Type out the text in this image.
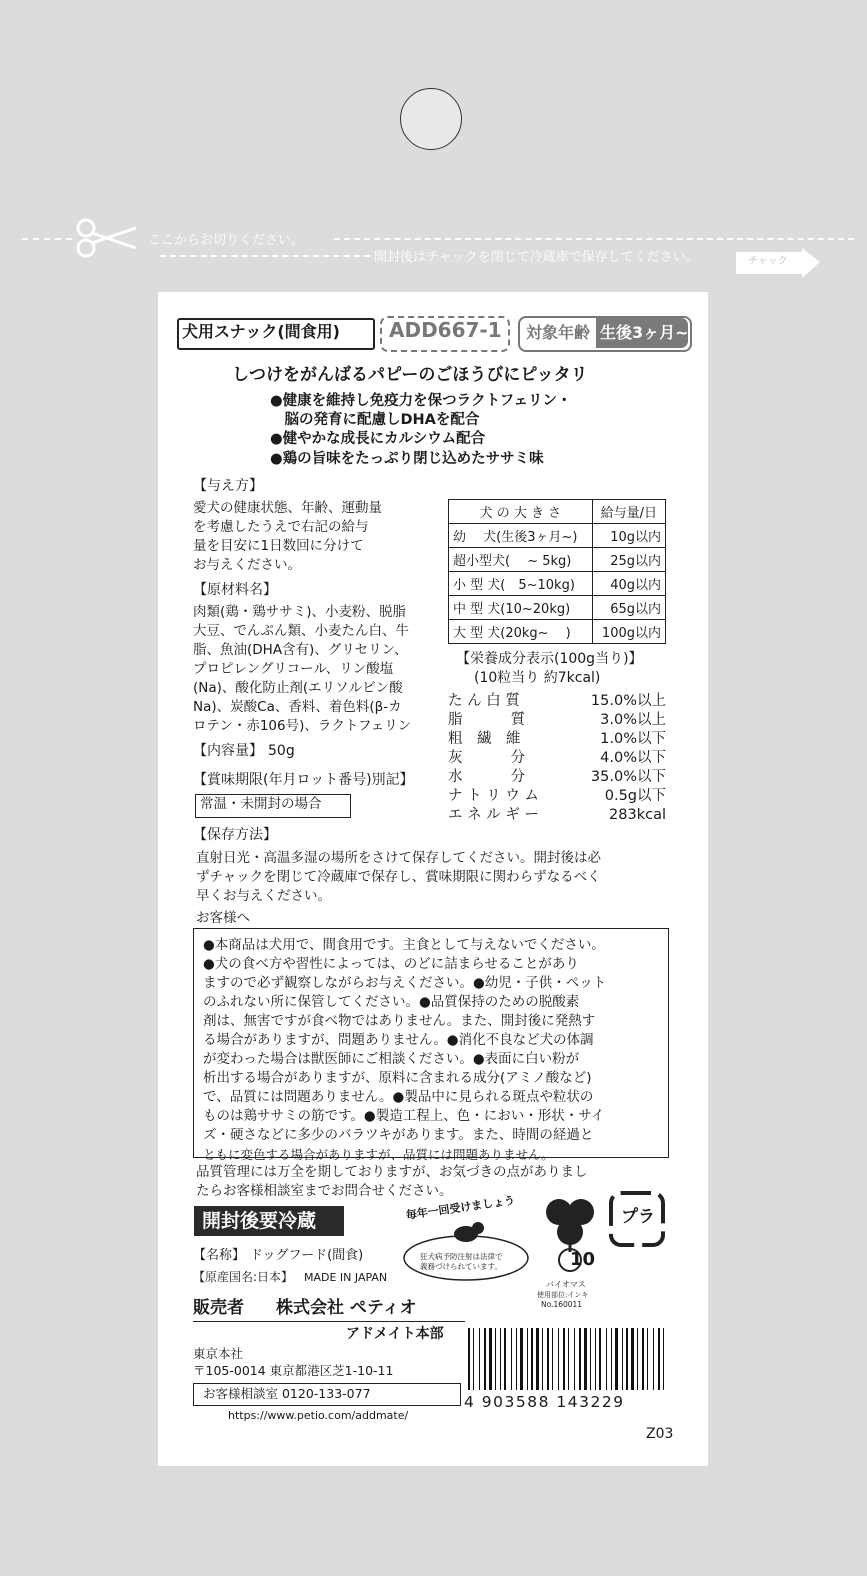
ここからお切りください。
開封後はチャックを閉じて冷蔵庫で保存してください。	チャック
犬用スナック(間食用) ADD667-1 対象年齢 生後3ヶ月~
しつけをがんばるパピーのごほうびにピッタリ
●健康を維持し免疫力を保つラクトフェリン・
　脳の発育に配慮しDHAを配合
●健やかな成長にカルシウム配合
●鶏の旨味をたっぷり閉じ込めたササミ味
【与え方】
愛犬の健康状態、年齢、運動量
を考慮したうえで右記の給与
量を目安に1日数回に分けて
お与えください。
犬 の 大 き さ	給与量/日
幼　 犬(生後3ヶ月~)	10g以内
超小型犬(　 ~ 5kg)	25g以内
小 型 犬(　5~10kg)	40g以内
中 型 犬(10~20kg)	65g以内
大 型 犬(20kg~　 )	100g以内
【原材料名】
肉類(鶏・鶏ササミ)、小麦粉、脱脂
大豆、でんぷん類、小麦たん白、牛
脂、魚油(DHA含有)、グリセリン、
プロピレングリコール、リン酸塩
(Na)、酸化防止剤(エリソルビン酸
Na)、炭酸Ca、香料、着色料(β-カ
ロテン・赤106号)、ラクトフェリン
【栄養成分表示(100g当り)】
(10粒当り 約7kcal)
た ん 白 質	15.0%以上
脂　　　 質	3.0%以上
粗　繊　維	1.0%以下
灰　　　 分	4.0%以下
水　　　 分	35.0%以下
ナ ト リ ウ ム	0.5g以下
エ ネ ル ギ ー	283kcal
【内容量】 50g
【賞味期限(年月ロット番号)別記】
常温・未開封の場合
【保存方法】
直射日光・高温多湿の場所をさけて保存してください。開封後は必
ずチャックを閉じて冷蔵庫で保存し、賞味期限に関わらずなるべく
早くお与えください。
お客様へ
●本商品は犬用で、間食用です。主食として与えないでください。
●犬の食べ方や習性によっては、のどに詰まらせることがあり
ますので必ず観察しながらお与えください。●幼児・子供・ペット
のふれない所に保管してください。●品質保持のための脱酸素
剤は、無害ですが食べ物ではありません。また、開封後に発熱す
る場合がありますが、問題ありません。●消化不良など犬の体調
が変わった場合は獣医師にご相談ください。●表面に白い粉が
析出する場合がありますが、原料に含まれる成分(アミノ酸など)
で、品質には問題ありません。●製品中に見られる斑点や粒状の
ものは鶏ササミの筋です。●製造工程上、色・におい・形状・サイ
ズ・硬さなどに多少のバラツキがあります。また、時間の経過と
ともに変色する場合がありますが、品質には問題ありません。
品質管理には万全を期しておりますが、お気づきの点がありまし
たらお客様相談室までお問合せください。
開封後要冷蔵
【名称】 ドッグフード(間食)
【原産国名:日本】 MADE IN JAPAN
毎年一回受けましょう
狂犬病予防注射は法律で
義務づけられています。	10
バイオマス
使用部位:インキ
No.160011
プラ
販売者 株式会社 ペティオ
アドメイト本部
東京本社
〒105-0014 東京都港区芝1-10-11
お客様相談室 0120-133-077
https://www.petio.com/addmate/
4 903588 143229
Z03
